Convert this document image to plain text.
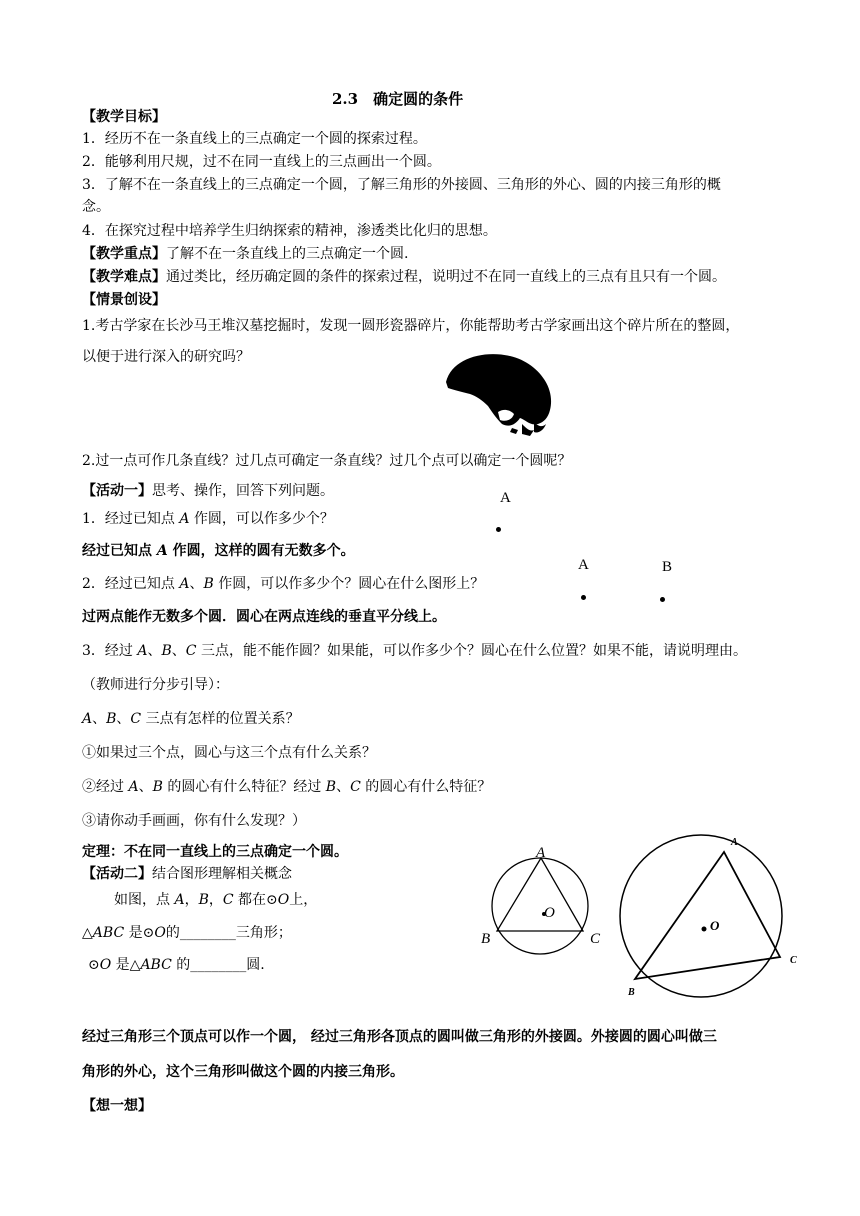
2.3　确定圆的条件
【教学目标】
1．经历不在一条直线上的三点确定一个圆的探索过程。
2．能够利用尺规，过不在同一直线上的三点画出一个圆。
3．了解不在一条直线上的三点确定一个圆，了解三角形的外接圆、三角形的外心、圆的内接三角形的概
念。
4．在探究过程中培养学生归纳探索的精神，渗透类比化归的思想。
【教学重点】了解不在一条直线上的三点确定一个圆.
【教学难点】通过类比，经历确定圆的条件的探索过程，说明过不在同一直线上的三点有且只有一个圆。
【情景创设】
1.考古学家在长沙马王堆汉墓挖掘时，发现一圆形瓷器碎片，你能帮助考古学家画出这个碎片所在的整圆，
以便于进行深入的研究吗？
2.过一点可作几条直线？过几点可确定一条直线？过几个点可以确定一个圆呢？
【活动一】思考、操作，回答下列问题。	A
1．经过已知点 A 作圆，可以作多少个？
经过已知点 A 作圆，这样的圆有无数多个。
A	B
2．经过已知点 A、B 作圆，可以作多少个？圆心在什么图形上？
过两点能作无数多个圆．圆心在两点连线的垂直平分线上。
3．经过 A、B、C 三点，能不能作圆？如果能，可以作多少个？圆心在什么位置？如果不能，请说明理由。
（教师进行分步引导）：
A、B、C 三点有怎样的位置关系？
①如果过三个点，圆心与这三个点有什么关系？
②经过 A、B 的圆心有什么特征？经过 B、C 的圆心有什么特征？
③请你动手画画，你有什么发现？）
定理：不在同一直线上的三点确定一个圆。
【活动二】结合图形理解相关概念
如图，点 A，B，C 都在⊙O上，
△ABC 是⊙O的________三角形；
⊙O 是△ABC 的________圆.
A
O
B	C
A
O
B
C
经过三角形三个顶点可以作一个圆， 经过三角形各顶点的圆叫做三角形的外接圆。外接圆的圆心叫做三
角形的外心，这个三角形叫做这个圆的内接三角形。
【想一想】
